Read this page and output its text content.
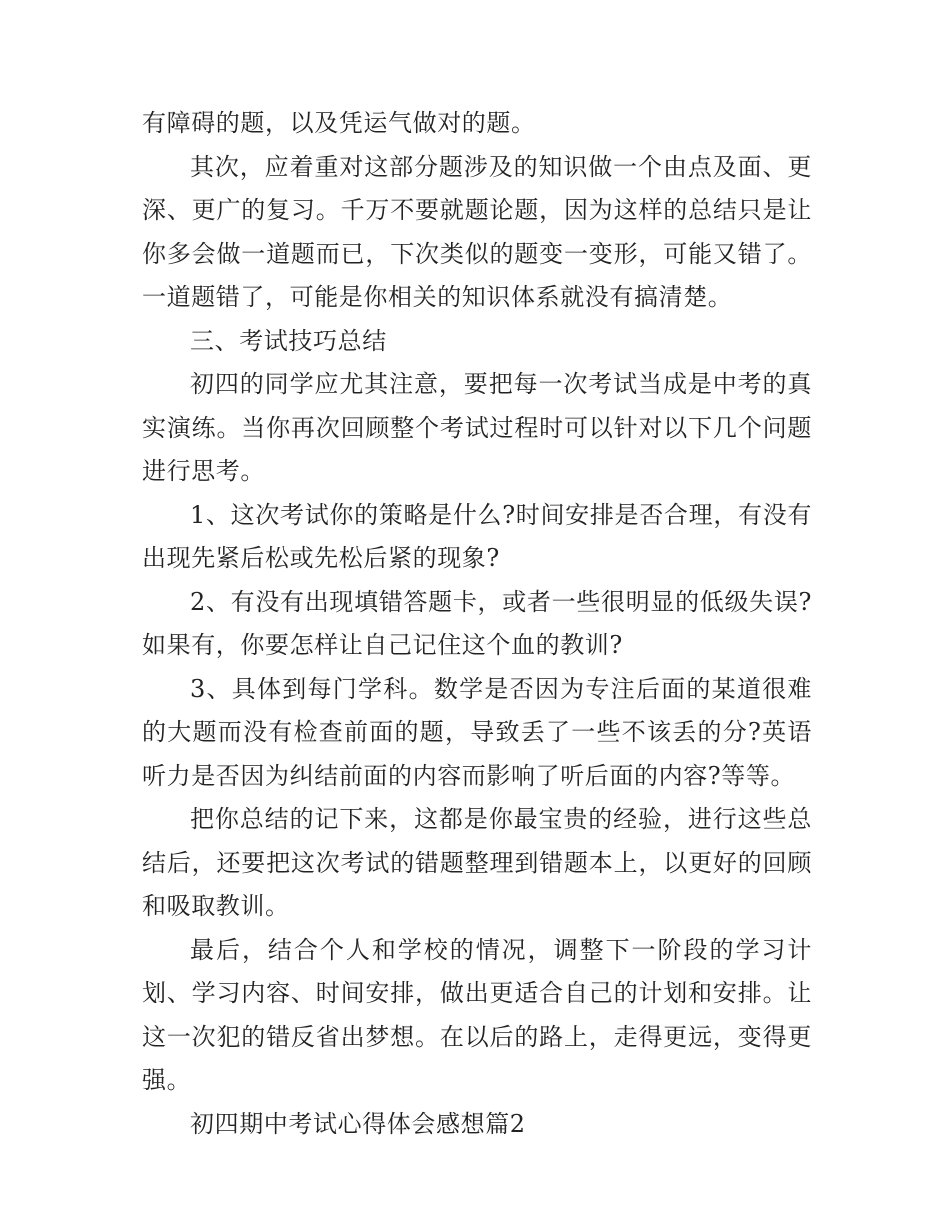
有障碍的题，以及凭运气做对的题。

其次，应着重对这部分题涉及的知识做一个由点及面、更深、更广的复习。千万不要就题论题，因为这样的总结只是让你多会做一道题而已，下次类似的题变一变形，可能又错了。一道题错了，可能是你相关的知识体系就没有搞清楚。

三、考试技巧总结

初四的同学应尤其注意，要把每一次考试当成是中考的真实演练。当你再次回顾整个考试过程时可以针对以下几个问题进行思考。

1、这次考试你的策略是什么?时间安排是否合理，有没有出现先紧后松或先松后紧的现象?

2、有没有出现填错答题卡，或者一些很明显的低级失误?如果有，你要怎样让自己记住这个血的教训?

3、具体到每门学科。数学是否因为专注后面的某道很难的大题而没有检查前面的题，导致丢了一些不该丢的分?英语听力是否因为纠结前面的内容而影响了听后面的内容?等等。

把你总结的记下来，这都是你最宝贵的经验，进行这些总结后，还要把这次考试的错题整理到错题本上，以更好的回顾和吸取教训。

最后，结合个人和学校的情况，调整下一阶段的学习计划、学习内容、时间安排，做出更适合自己的计划和安排。让这一次犯的错反省出梦想。在以后的路上，走得更远，变得更强。

初四期中考试心得体会感想篇2
